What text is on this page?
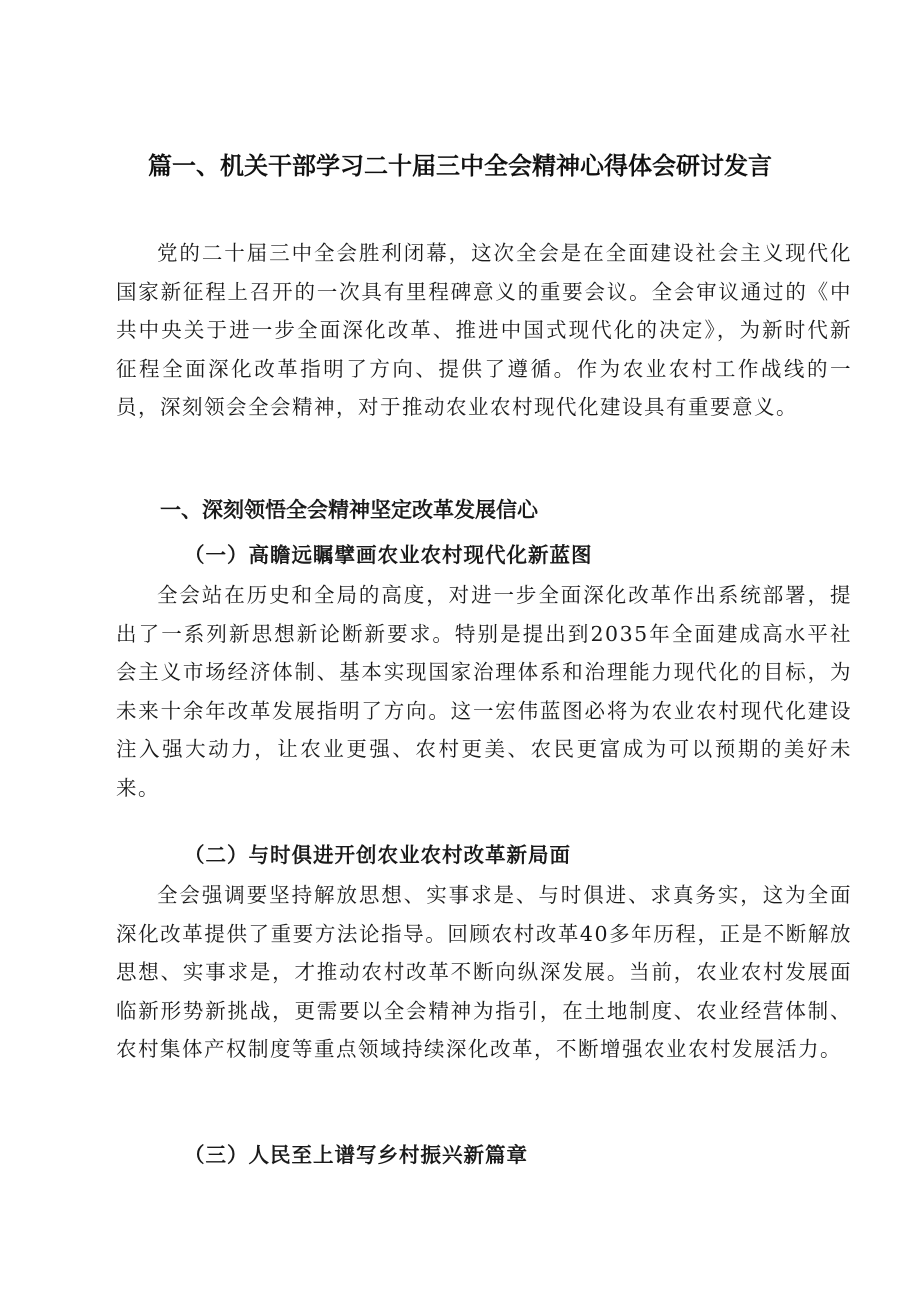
篇一、机关干部学习二十届三中全会精神心得体会研讨发言

党的二十届三中全会胜利闭幕，这次全会是在全面建设社会主义现代化国家新征程上召开的一次具有里程碑意义的重要会议。全会审议通过的《中共中央关于进一步全面深化改革、推进中国式现代化的决定》，为新时代新征程全面深化改革指明了方向、提供了遵循。作为农业农村工作战线的一员，深刻领会全会精神，对于推动农业农村现代化建设具有重要意义。

一、深刻领悟全会精神坚定改革发展信心
（一）高瞻远瞩擘画农业农村现代化新蓝图

全会站在历史和全局的高度，对进一步全面深化改革作出系统部署，提出了一系列新思想新论断新要求。特别是提出到2035年全面建成高水平社会主义市场经济体制、基本实现国家治理体系和治理能力现代化的目标，为未来十余年改革发展指明了方向。这一宏伟蓝图必将为农业农村现代化建设注入强大动力，让农业更强、农村更美、农民更富成为可以预期的美好未来。

（二）与时俱进开创农业农村改革新局面

全会强调要坚持解放思想、实事求是、与时俱进、求真务实，这为全面深化改革提供了重要方法论指导。回顾农村改革40多年历程，正是不断解放思想、实事求是，才推动农村改革不断向纵深发展。当前，农业农村发展面临新形势新挑战，更需要以全会精神为指引，在土地制度、农业经营体制、农村集体产权制度等重点领域持续深化改革，不断增强农业农村发展活力。

（三）人民至上谱写乡村振兴新篇章
